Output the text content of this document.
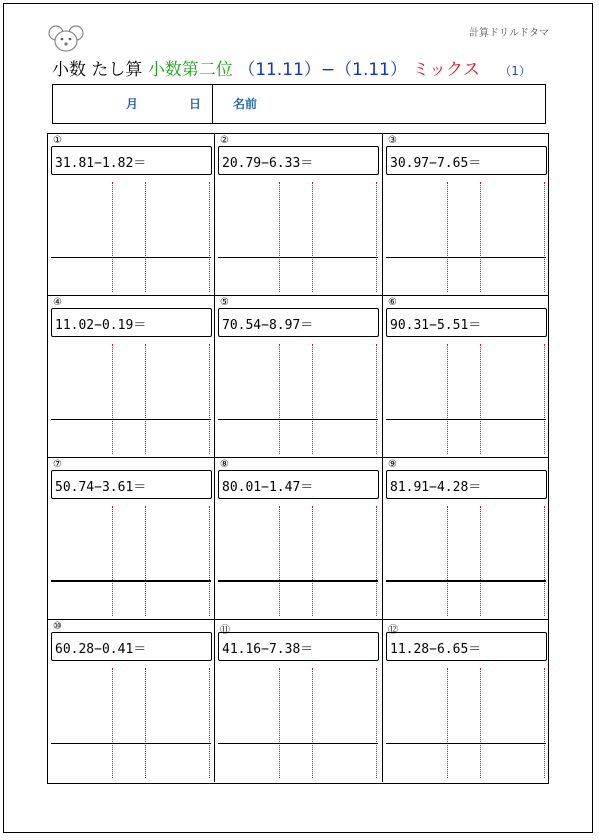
計算ドリルドタマ
小数 たし算 小数第二位 （11.11）−（1.11） ミックス （1）
月	日	名前
①
31.81−1.82＝
②
20.79−6.33＝
③
30.97−7.65＝
④
11.02−0.19＝
⑤
70.54−8.97＝
⑥
90.31−5.51＝
⑦
50.74−3.61＝
⑧
80.01−1.47＝
⑨
81.91−4.28＝
⑩
60.28−0.41＝
⑪
41.16−7.38＝
⑫
11.28−6.65＝
